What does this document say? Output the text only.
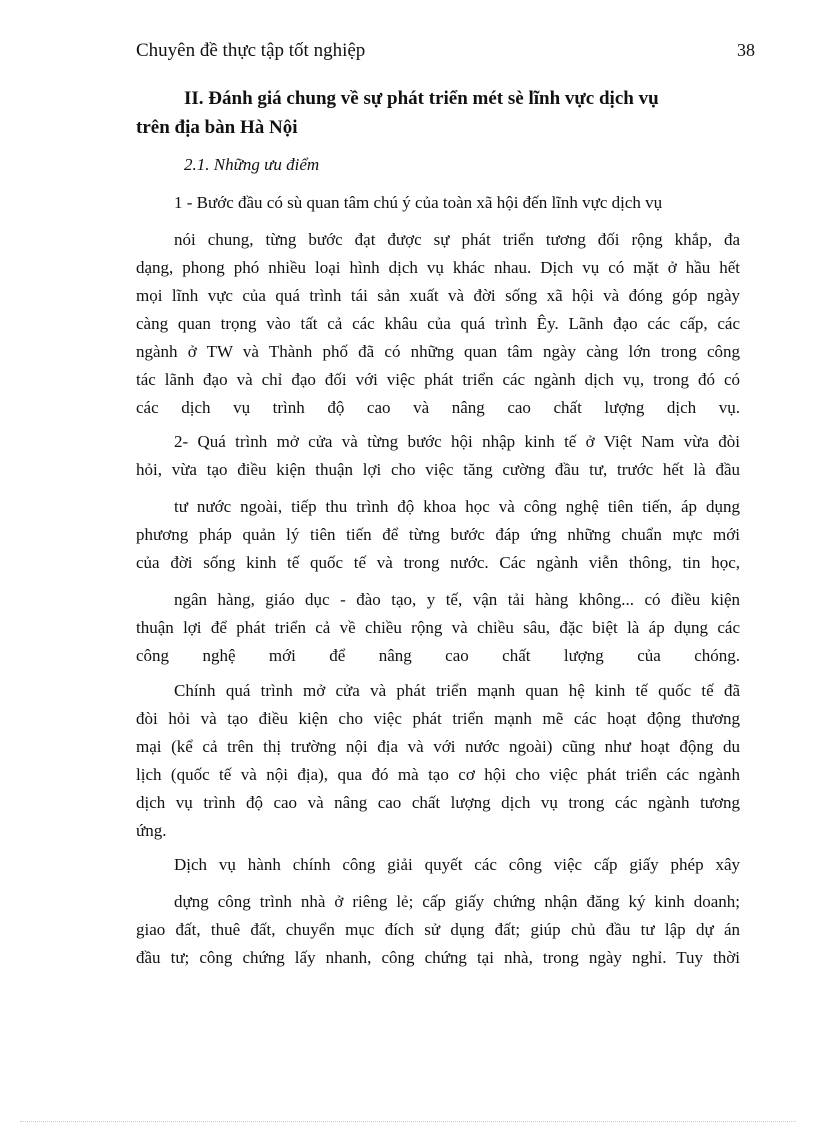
Chuyên đề thực tập tốt nghiệp	38
II. Đánh giá chung về sự phát triển mét sè lĩnh vực dịch vụ
trên địa bàn Hà Nội
2.1. Những ưu điểm
1 - Bước đầu có sù quan tâm chú ý của toàn xã hội đến lĩnh vực dịch vụ
nói chung, từng bước đạt được sự phát triển tương đối rộng khắp, đa
dạng, phong phó nhiều loại hình dịch vụ khác nhau. Dịch vụ có mặt ở hầu hết
mọi lĩnh vực của quá trình tái sản xuất và đời sống xã hội và đóng góp ngày
càng quan trọng vào tất cả các khâu của quá trình Êy. Lãnh đạo các cấp, các
ngành ở TW và Thành phố đã có những quan tâm ngày càng lớn trong công
tác lãnh đạo và chỉ đạo đối với việc phát triển các ngành dịch vụ, trong đó có
các dịch vụ trình độ cao và nâng cao chất lượng dịch vụ.
2- Quá trình mở cửa và từng bước hội nhập kinh tế ở Việt Nam vừa đòi
hỏi, vừa tạo điều kiện thuận lợi cho việc tăng cường đầu tư, trước hết là đầu
tư nước ngoài, tiếp thu trình độ khoa học và công nghệ tiên tiến, áp dụng
phương pháp quản lý tiên tiến để từng bước đáp ứng những chuẩn mực mới
của đời sống kinh tế quốc tế và trong nước. Các ngành viễn thông, tin học,
ngân hàng, giáo dục - đào tạo, y tế, vận tải hàng không... có điều kiện
thuận lợi để phát triển cả về chiều rộng và chiều sâu, đặc biệt là áp dụng các
công nghệ mới để nâng cao chất lượng của chóng.
Chính quá trình mở cửa và phát triển mạnh quan hệ kinh tế quốc tế đã
đòi hỏi và tạo điều kiện cho việc phát triển mạnh mẽ các hoạt động thương
mại (kể cả trên thị trường nội địa và với nước ngoài) cũng như hoạt động du
lịch (quốc tế và nội địa), qua đó mà tạo cơ hội cho việc phát triển các ngành
dịch vụ trình độ cao và nâng cao chất lượng dịch vụ trong các ngành tương
ứng.
Dịch vụ hành chính công giải quyết các công việc cấp giấy phép xây
dựng công trình nhà ở riêng lẻ; cấp giấy chứng nhận đăng ký kinh doanh;
giao đất, thuê đất, chuyển mục đích sử dụng đất; giúp chủ đầu tư lập dự án
đầu tư; công chứng lấy nhanh, công chứng tại nhà, trong ngày nghỉ. Tuy thời
